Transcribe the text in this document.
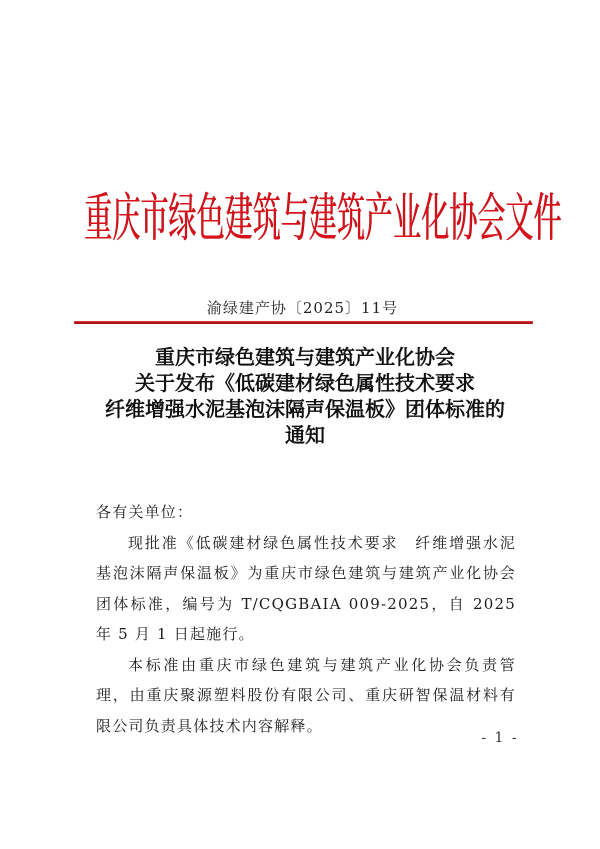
重庆市绿色建筑与建筑产业化协会文件
渝绿建产协〔2025〕11号
重庆市绿色建筑与建筑产业化协会
关于发布《低碳建材绿色属性技术要求
纤维增强水泥基泡沫隔声保温板》团体标准的
通知

各有关单位：

现批准《低碳建材绿色属性技术要求　纤维增强水泥基泡沫隔声保温板》为重庆市绿色建筑与建筑产业化协会团体标准，编号为 T/CQGBAIA 009-2025，自 2025 年 5 月 1 日起施行。

本标准由重庆市绿色建筑与建筑产业化协会负责管理，由重庆聚源塑料股份有限公司、重庆研智保温材料有限公司负责具体技术内容解释。

- 1 -
